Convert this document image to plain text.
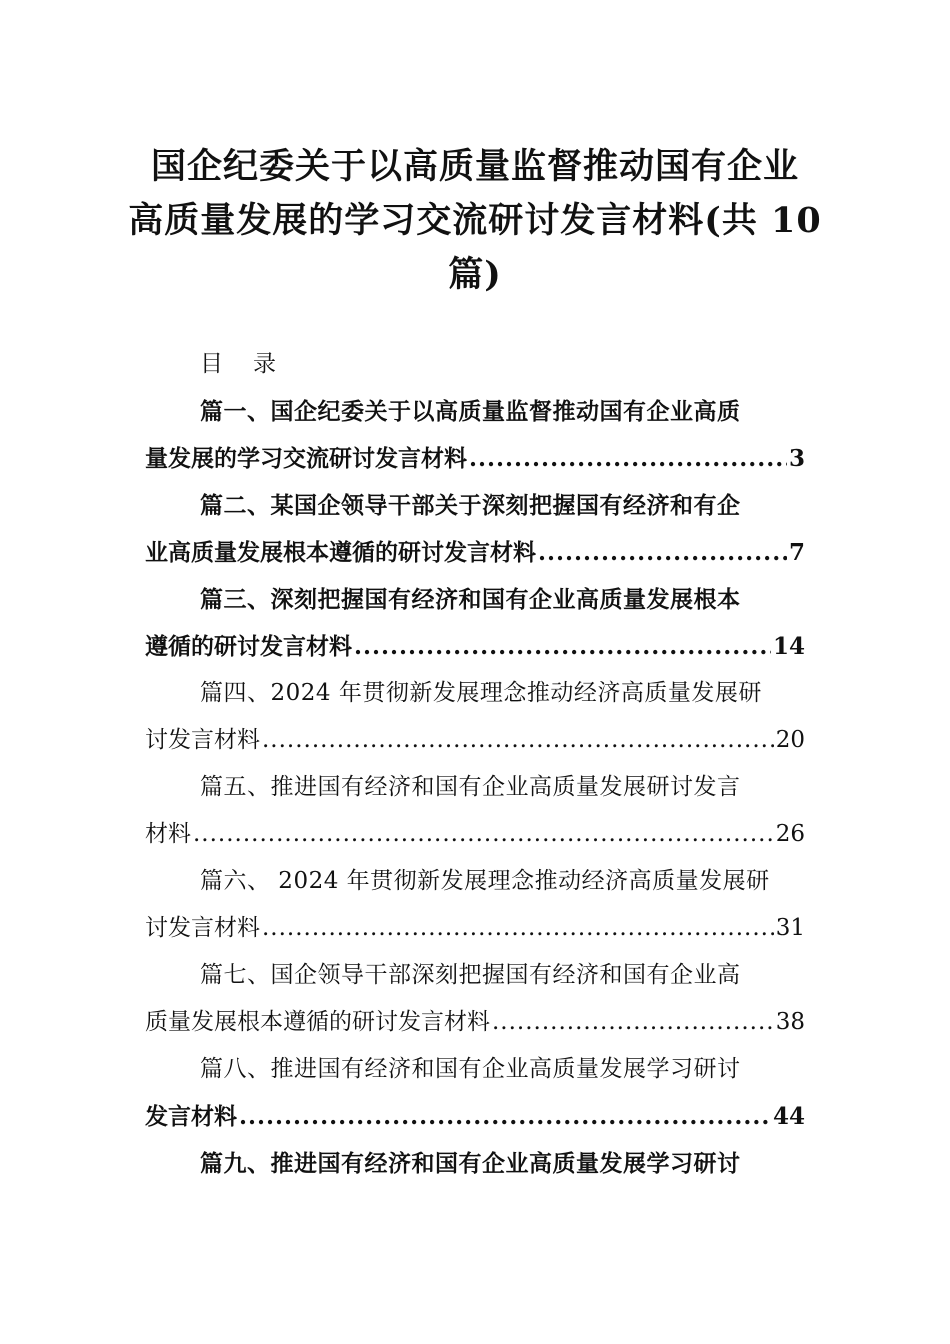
国企纪委关于以高质量监督推动国有企业
高质量发展的学习交流研讨发言材料(共 10
篇)
目录
篇一、国企纪委关于以高质量监督推动国有企业高质
量发展的学习交流研讨发言材料 .....	3
篇二、某国企领导干部关于深刻把握国有经济和有企
业高质量发展根本遵循的研讨发言材料 .....	7
篇三、深刻把握国有经济和国有企业高质量发展根本
遵循的研讨发言材料 .....	14
篇四、2024 年贯彻新发展理念推动经济高质量发展研
讨发言材料 .....	20
篇五、推进国有经济和国有企业高质量发展研讨发言
材料 .....	26
篇六、 2024 年贯彻新发展理念推动经济高质量发展研
讨发言材料 .....	31
篇七、国企领导干部深刻把握国有经济和国有企业高
质量发展根本遵循的研讨发言材料 .....	38
篇八、推进国有经济和国有企业高质量发展学习研讨
发言材料 .....	44
篇九、推进国有经济和国有企业高质量发展学习研讨
